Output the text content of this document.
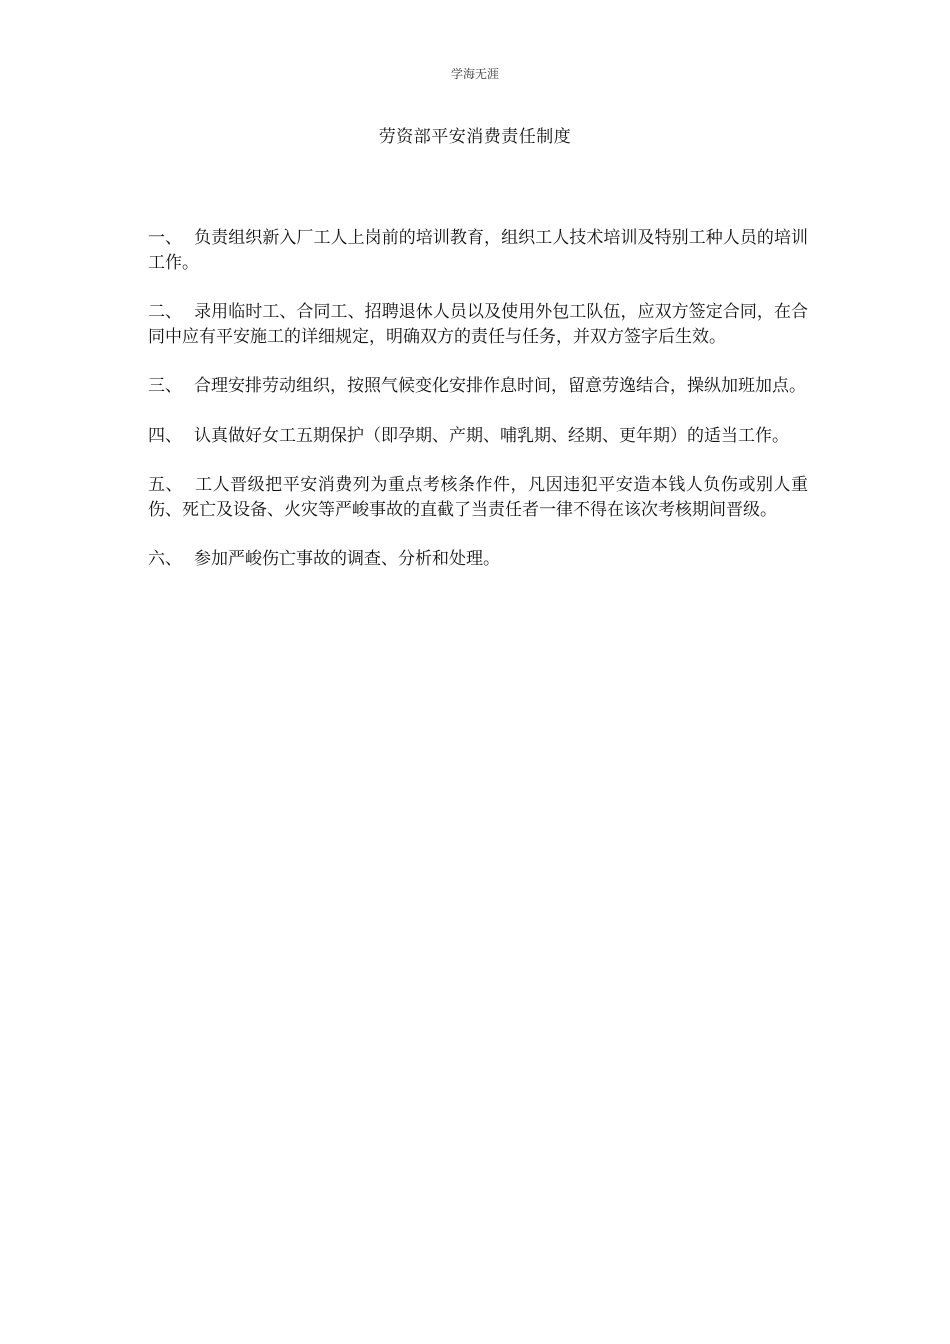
学海无涯
劳资部平安消费责任制度

一、 负责组织新入厂工人上岗前的培训教育，组织工人技术培训及特别工种人员的培训工作。

二、 录用临时工、合同工、招聘退休人员以及使用外包工队伍，应双方签定合同，在合同中应有平安施工的详细规定，明确双方的责任与任务，并双方签字后生效。

三、 合理安排劳动组织，按照气候变化安排作息时间，留意劳逸结合，操纵加班加点。

四、 认真做好女工五期保护（即孕期、产期、哺乳期、经期、更年期）的适当工作。

五、 工人晋级把平安消费列为重点考核条作件，凡因违犯平安造本钱人负伤或别人重伤、死亡及设备、火灾等严峻事故的直截了当责任者一律不得在该次考核期间晋级。

六、 参加严峻伤亡事故的调查、分析和处理。
